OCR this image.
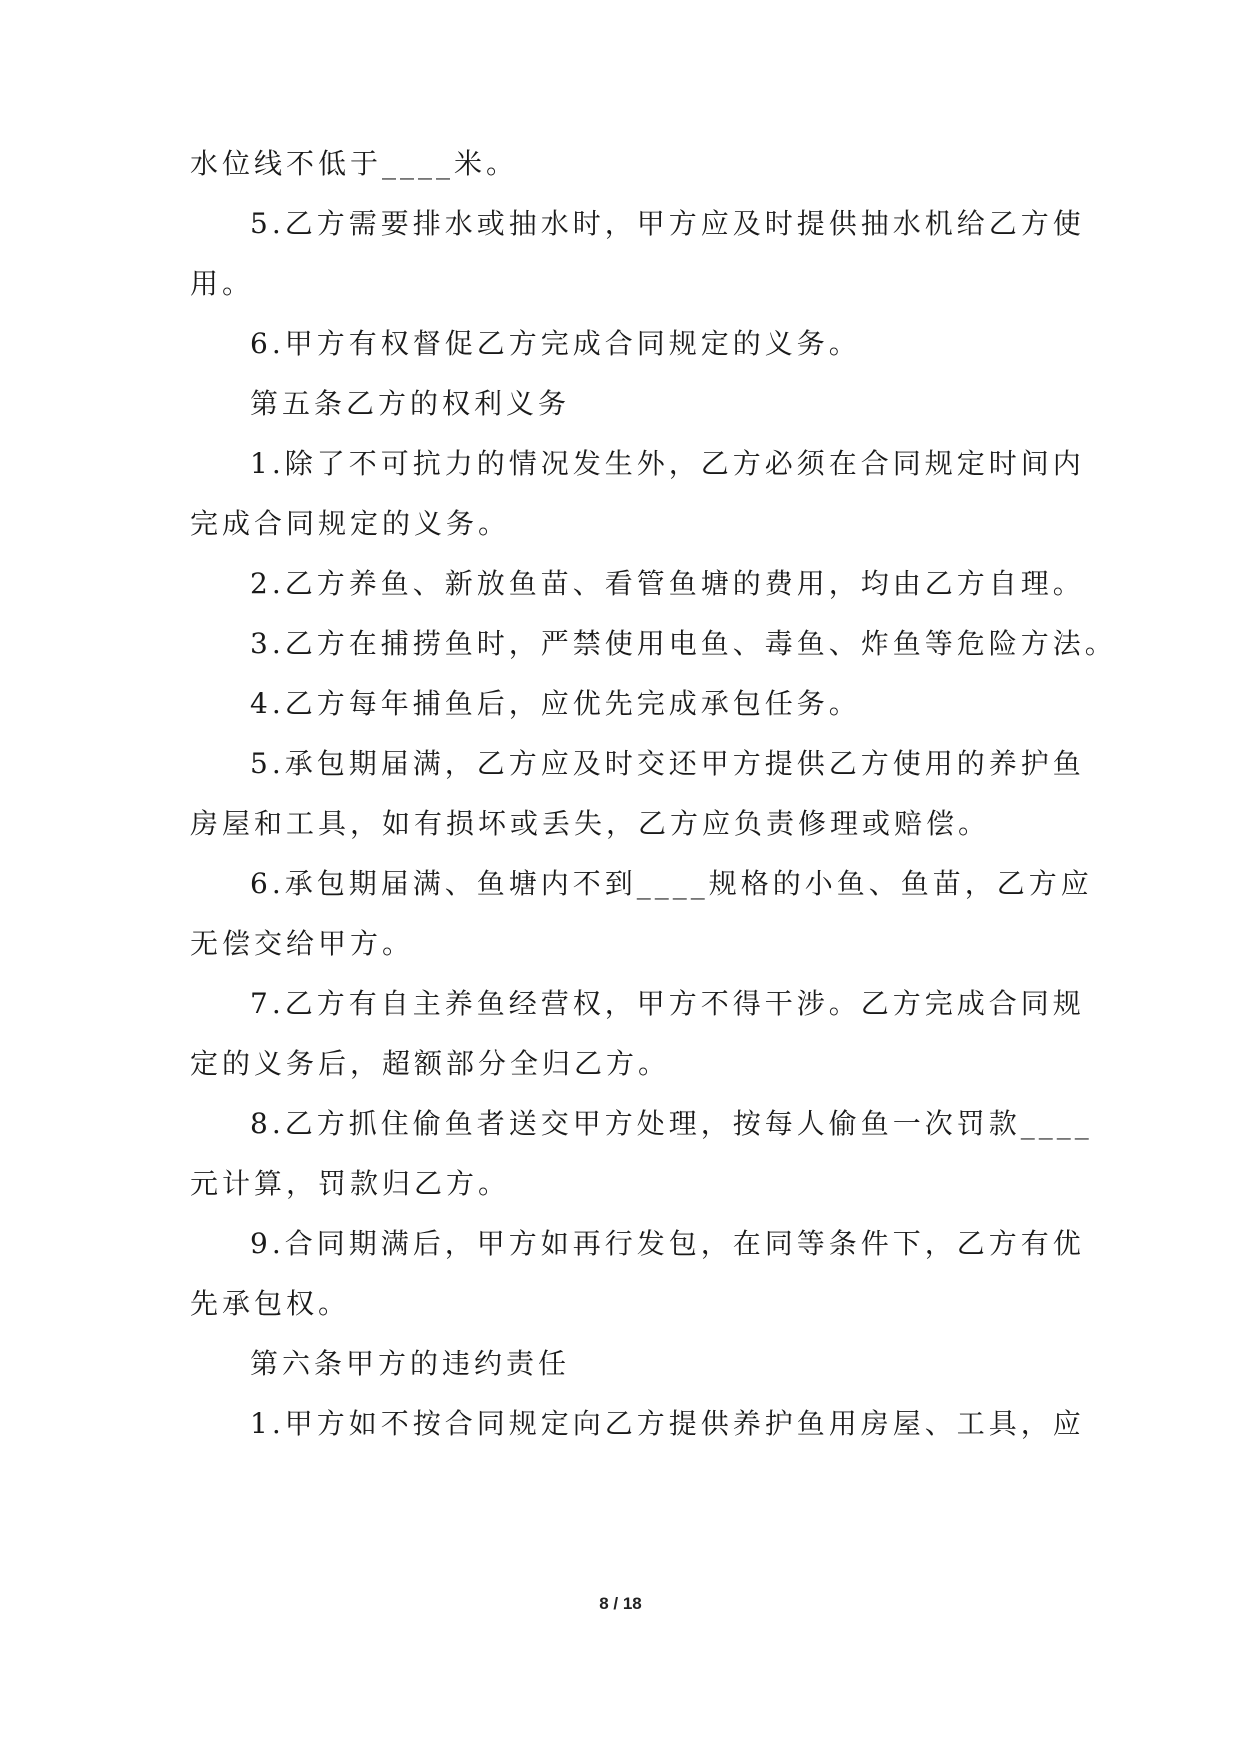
水位线不低于____米。
5.乙方需要排水或抽水时，甲方应及时提供抽水机给乙方使
用。
6.甲方有权督促乙方完成合同规定的义务。
第五条乙方的权利义务
1.除了不可抗力的情况发生外，乙方必须在合同规定时间内
完成合同规定的义务。
2.乙方养鱼、新放鱼苗、看管鱼塘的费用，均由乙方自理。
3.乙方在捕捞鱼时，严禁使用电鱼、毒鱼、炸鱼等危险方法。
4.乙方每年捕鱼后，应优先完成承包任务。
5.承包期届满，乙方应及时交还甲方提供乙方使用的养护鱼
房屋和工具，如有损坏或丢失，乙方应负责修理或赔偿。
6.承包期届满、鱼塘内不到____规格的小鱼、鱼苗，乙方应
无偿交给甲方。
7.乙方有自主养鱼经营权，甲方不得干涉。乙方完成合同规
定的义务后，超额部分全归乙方。
8.乙方抓住偷鱼者送交甲方处理，按每人偷鱼一次罚款____
元计算，罚款归乙方。
9.合同期满后，甲方如再行发包，在同等条件下，乙方有优
先承包权。
第六条甲方的违约责任
1.甲方如不按合同规定向乙方提供养护鱼用房屋、工具，应
8 / 18
